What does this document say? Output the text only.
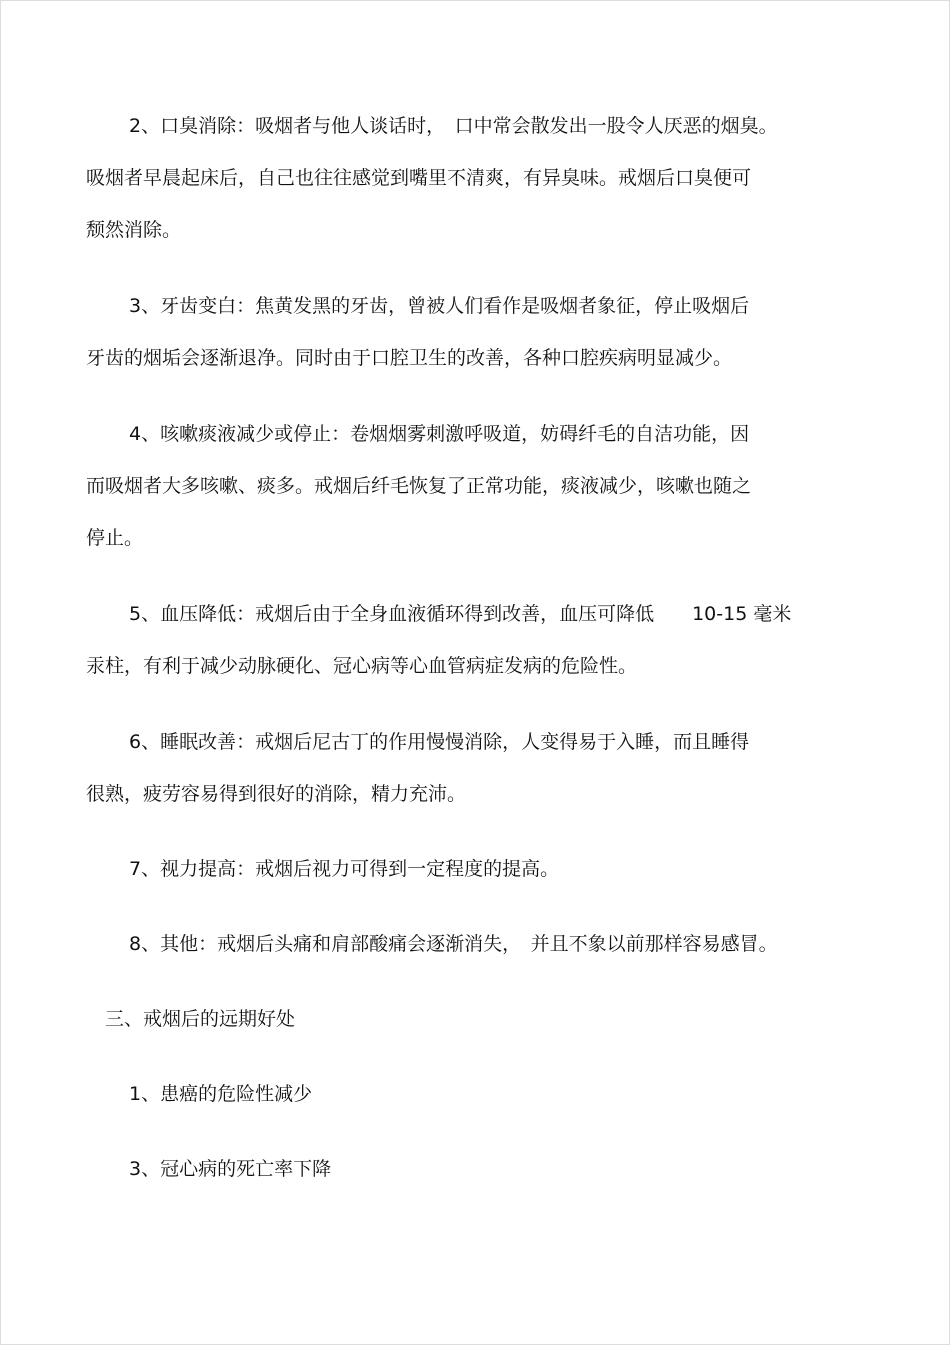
2、口臭消除：吸烟者与他人谈话时，　口中常会散发出一股令人厌恶的烟臭。
吸烟者早晨起床后，自己也往往感觉到嘴里不清爽，有异臭味。戒烟后口臭便可
颓然消除。
3、牙齿变白：焦黄发黑的牙齿，曾被人们看作是吸烟者象征，停止吸烟后
牙齿的烟垢会逐渐退净。同时由于口腔卫生的改善，各种口腔疾病明显减少。
4、咳嗽痰液减少或停止：卷烟烟雾刺激呼吸道，妨碍纤毛的自洁功能，因
而吸烟者大多咳嗽、痰多。戒烟后纤毛恢复了正常功能，痰液减少，咳嗽也随之
停止。
5、血压降低：戒烟后由于全身血液循环得到改善，血压可降低　　10-15 毫米
汞柱，有利于减少动脉硬化、冠心病等心血管病症发病的危险性。
6、睡眠改善：戒烟后尼古丁的作用慢慢消除，人变得易于入睡，而且睡得
很熟，疲劳容易得到很好的消除，精力充沛。
7、视力提高：戒烟后视力可得到一定程度的提高。
8、其他：戒烟后头痛和肩部酸痛会逐渐消失，　并且不象以前那样容易感冒。
三、戒烟后的远期好处
1、患癌的危险性减少
3、冠心病的死亡率下降
